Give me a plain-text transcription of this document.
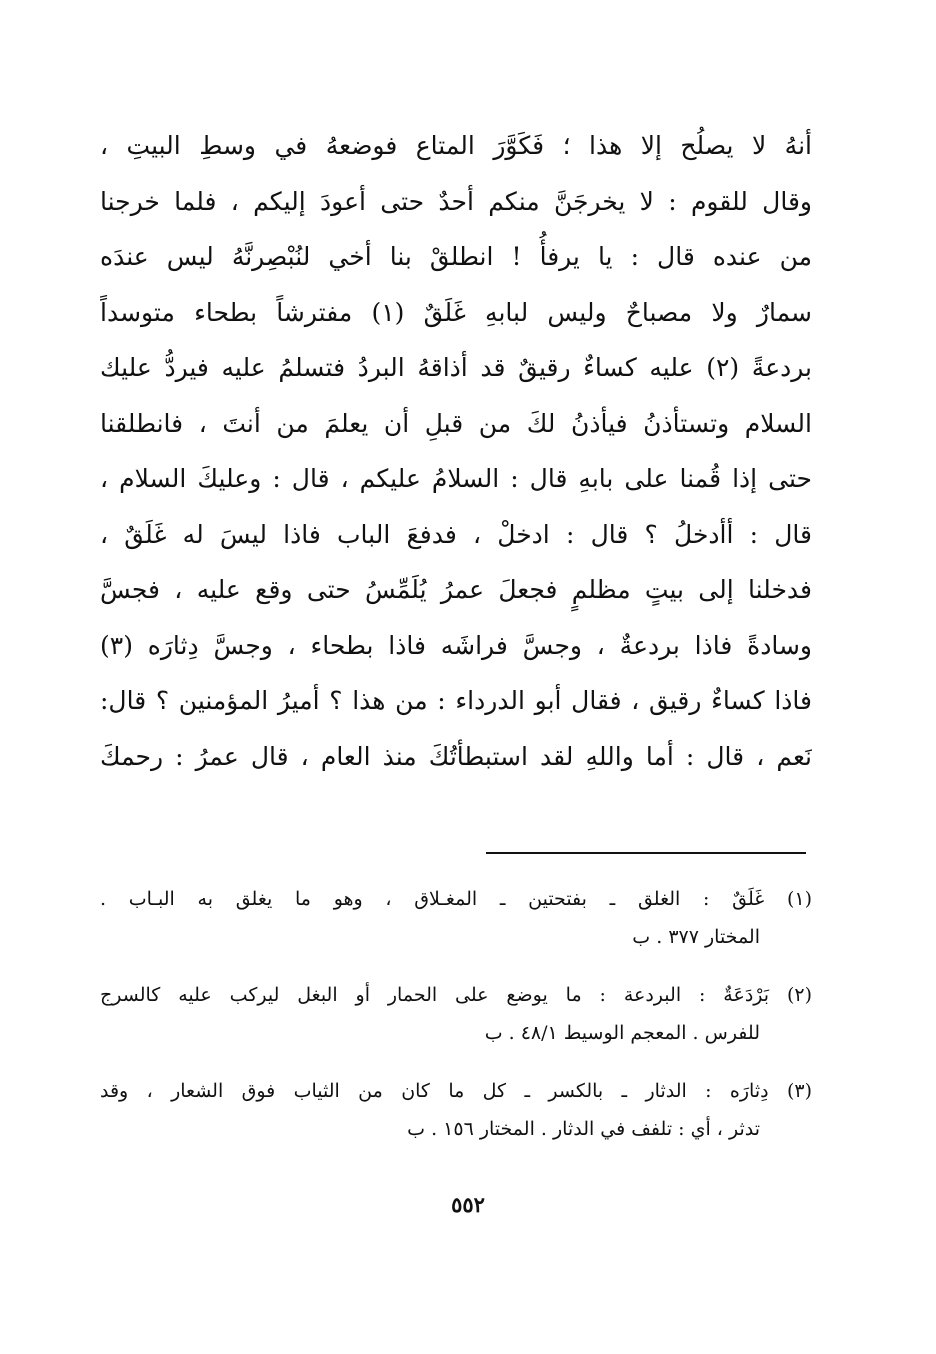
أنهُ لا يصلُح إلا هذا ؛ فَكَوَّرَ المتاع فوضعهُ في وسطِ البيتِ ،
وقال للقوم : لا يخرجَنَّ منكم أحدٌ حتى أعودَ إليكم ، فلما خرجنا
من عنده قال : يا يرفأُ ! انطلقْ بنا أخي لنُبْصِرنَّهُ ليس عندَه
سمارٌ ولا مصباحٌ وليس لبابهِ غَلَقٌ (١) مفترشاً بطحاء متوسداً
بردعةً (٢) عليه كساءٌ رقيقٌ قد أذاقهُ البردُ فتسلمُ عليه فيردُّ عليك
السلام وتستأذنُ فيأذنُ لكَ من قبلِ أن يعلمَ من أنتَ ، فانطلقنا
حتى إذا قُمنا على بابهِ قال : السلامُ عليكم ، قال : وعليكَ السلام ،
قال : أأدخلُ ؟ قال : ادخلْ ، فدفعَ الباب فاذا ليسَ له غَلَقٌ ،
فدخلنا إلى بيتٍ مظلمٍ فجعلَ عمرُ يُلَمِّسُ حتى وقع عليه ، فجسَّ
وسادةً فاذا بردعةٌ ، وجسَّ فراشَه فاذا بطحاء ، وجسَّ دِثارَه (٣)
فاذا كساءٌ رقيق ، فقال أبو الدرداء : من هذا ؟ أميرُ المؤمنين ؟ قال:
نَعم ، قال : أما واللهِ لقد استبطأتُكَ منذ العام ، قال عمرُ : رحمكَ
(١) غَلَقٌ : الغلق ـ بفتحتين ـ المغـلاق ، وهو ما يغلق به البـاب .
المختار ٣٧٧ . ب
(٢) بَرْدَعَةٌ : البردعة : ما يوضع على الحمار أو البغل ليركب عليه كالسرج
للفرس . المعجم الوسيط ٤٨/١ . ب
(٣) دِثارَه : الدثار ـ بالكسر ـ كل ما كان من الثياب فوق الشعار ، وقد
تدثر ، أي : تلفف في الدثار . المختار ١٥٦ . ب
٥٥٢
